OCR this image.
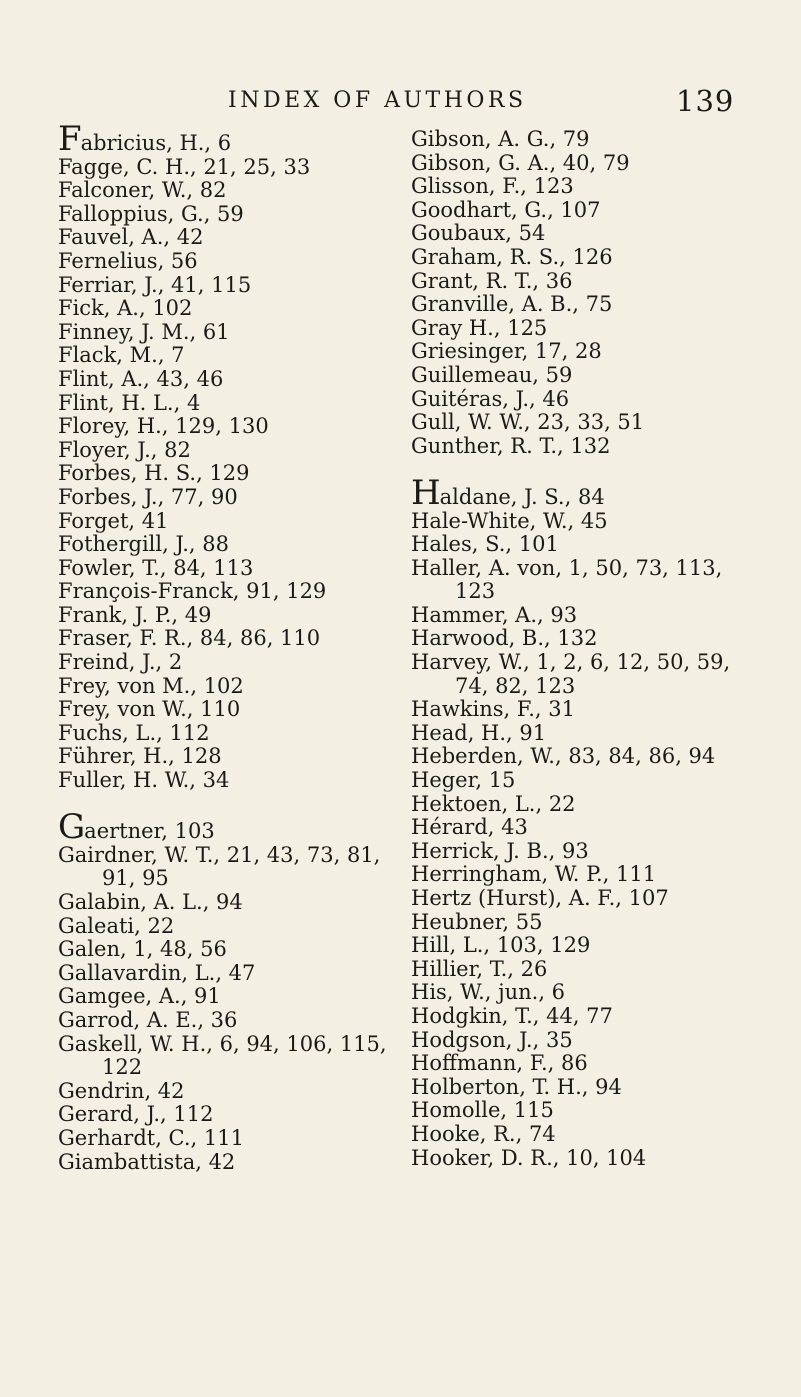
INDEX OF AUTHORS	139
Fabricius, H., 6
Fagge, C. H., 21, 25, 33
Falconer, W., 82
Falloppius, G., 59
Fauvel, A., 42
Fernelius, 56
Ferriar, J., 41, 115
Fick, A., 102
Finney, J. M., 61
Flack, M., 7
Flint, A., 43, 46
Flint, H. L., 4
Florey, H., 129, 130
Floyer, J., 82
Forbes, H. S., 129
Forbes, J., 77, 90
Forget, 41
Fothergill, J., 88
Fowler, T., 84, 113
François-Franck, 91, 129
Frank, J. P., 49
Fraser, F. R., 84, 86, 110
Freind, J., 2
Frey, von M., 102
Frey, von W., 110
Fuchs, L., 112
Führer, H., 128
Fuller, H. W., 34
Gaertner, 103
Gairdner, W. T., 21, 43, 73, 81,
91, 95
Galabin, A. L., 94
Galeati, 22
Galen, 1, 48, 56
Gallavardin, L., 47
Gamgee, A., 91
Garrod, A. E., 36
Gaskell, W. H., 6, 94, 106, 115,
122
Gendrin, 42
Gerard, J., 112
Gerhardt, C., 111
Giambattista, 42
Gibson, A. G., 79
Gibson, G. A., 40, 79
Glisson, F., 123
Goodhart, G., 107
Goubaux, 54
Graham, R. S., 126
Grant, R. T., 36
Granville, A. B., 75
Gray H., 125
Griesinger, 17, 28
Guillemeau, 59
Guitéras, J., 46
Gull, W. W., 23, 33, 51
Gunther, R. T., 132
Haldane, J. S., 84
Hale-White, W., 45
Hales, S., 101
Haller, A. von, 1, 50, 73, 113,
123
Hammer, A., 93
Harwood, B., 132
Harvey, W., 1, 2, 6, 12, 50, 59,
74, 82, 123
Hawkins, F., 31
Head, H., 91
Heberden, W., 83, 84, 86, 94
Heger, 15
Hektoen, L., 22
Hérard, 43
Herrick, J. B., 93
Herringham, W. P., 111
Hertz (Hurst), A. F., 107
Heubner, 55
Hill, L., 103, 129
Hillier, T., 26
His, W., jun., 6
Hodgkin, T., 44, 77
Hodgson, J., 35
Hoffmann, F., 86
Holberton, T. H., 94
Homolle, 115
Hooke, R., 74
Hooker, D. R., 10, 104
